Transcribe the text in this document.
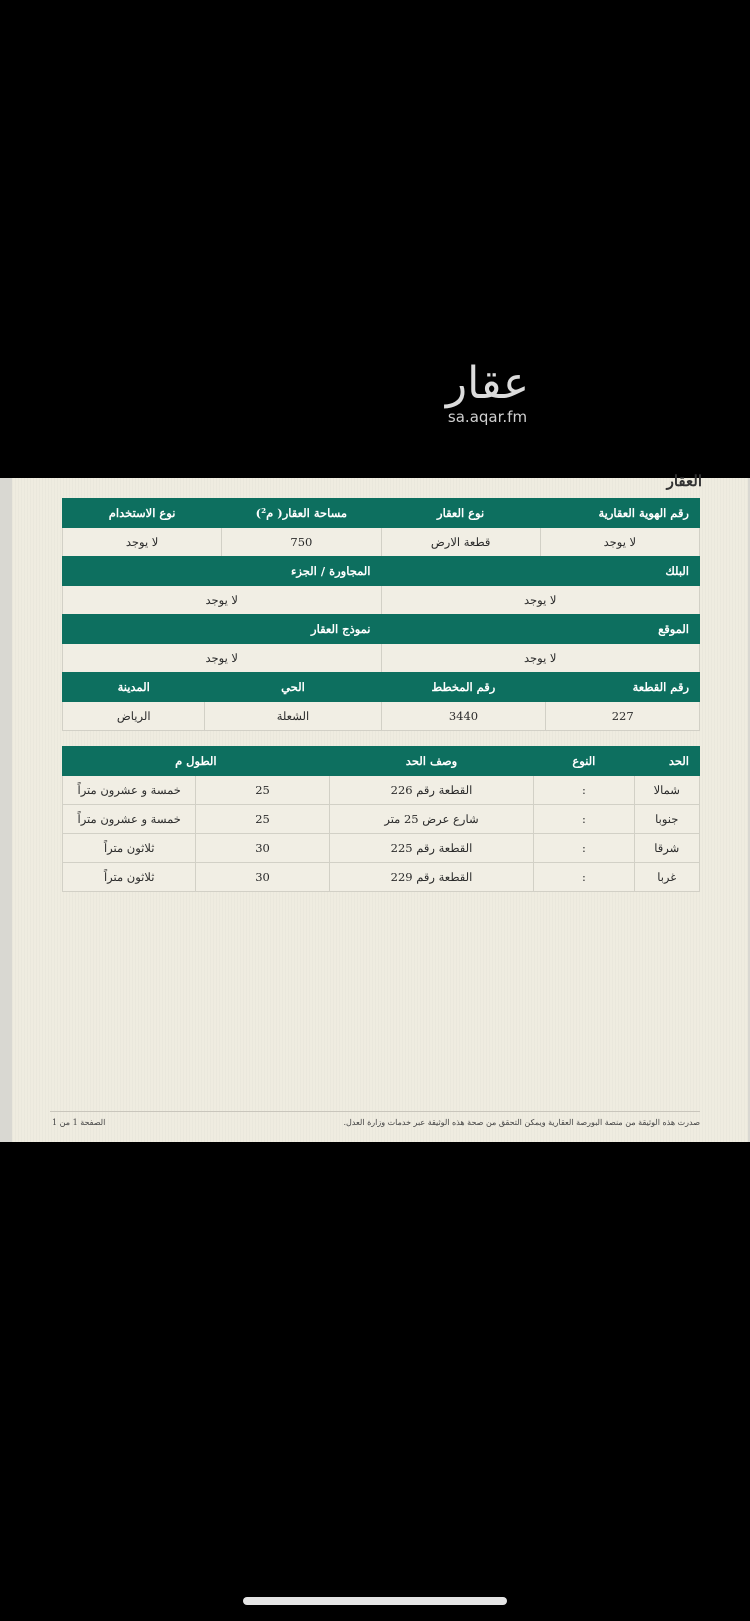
عقار
sa.aqar.fm
العقار
رقم الهوية العقارية	نوع العقار	مساحة العقار( م²)	نوع الاستخدام
لا يوجد	قطعة الارض	750	لا يوجد
البلك	المجاورة / الجزء
لا يوجد	لا يوجد
الموقع	نموذج العقار
لا يوجد	لا يوجد
رقم القطعة	رقم المخطط	الحي	المدينة
227	3440	الشعلة	الرياض
الحد	النوع	وصف الحد	الطول م	
شمالا	:	القطعة رقم 226	25	خمسة و عشرون متراً
جنوبا	:	شارع عرض 25 متر	25	خمسة و عشرون متراً
شرقا	:	القطعة رقم 225	30	ثلاثون متراً
غربا	:	القطعة رقم 229	30	ثلاثون متراً
صدرت هذه الوثيقة من منصة البورصة العقارية ويمكن التحقق من صحة هذه الوثيقة عبر خدمات وزارة العدل.
الصفحة 1 من 1
